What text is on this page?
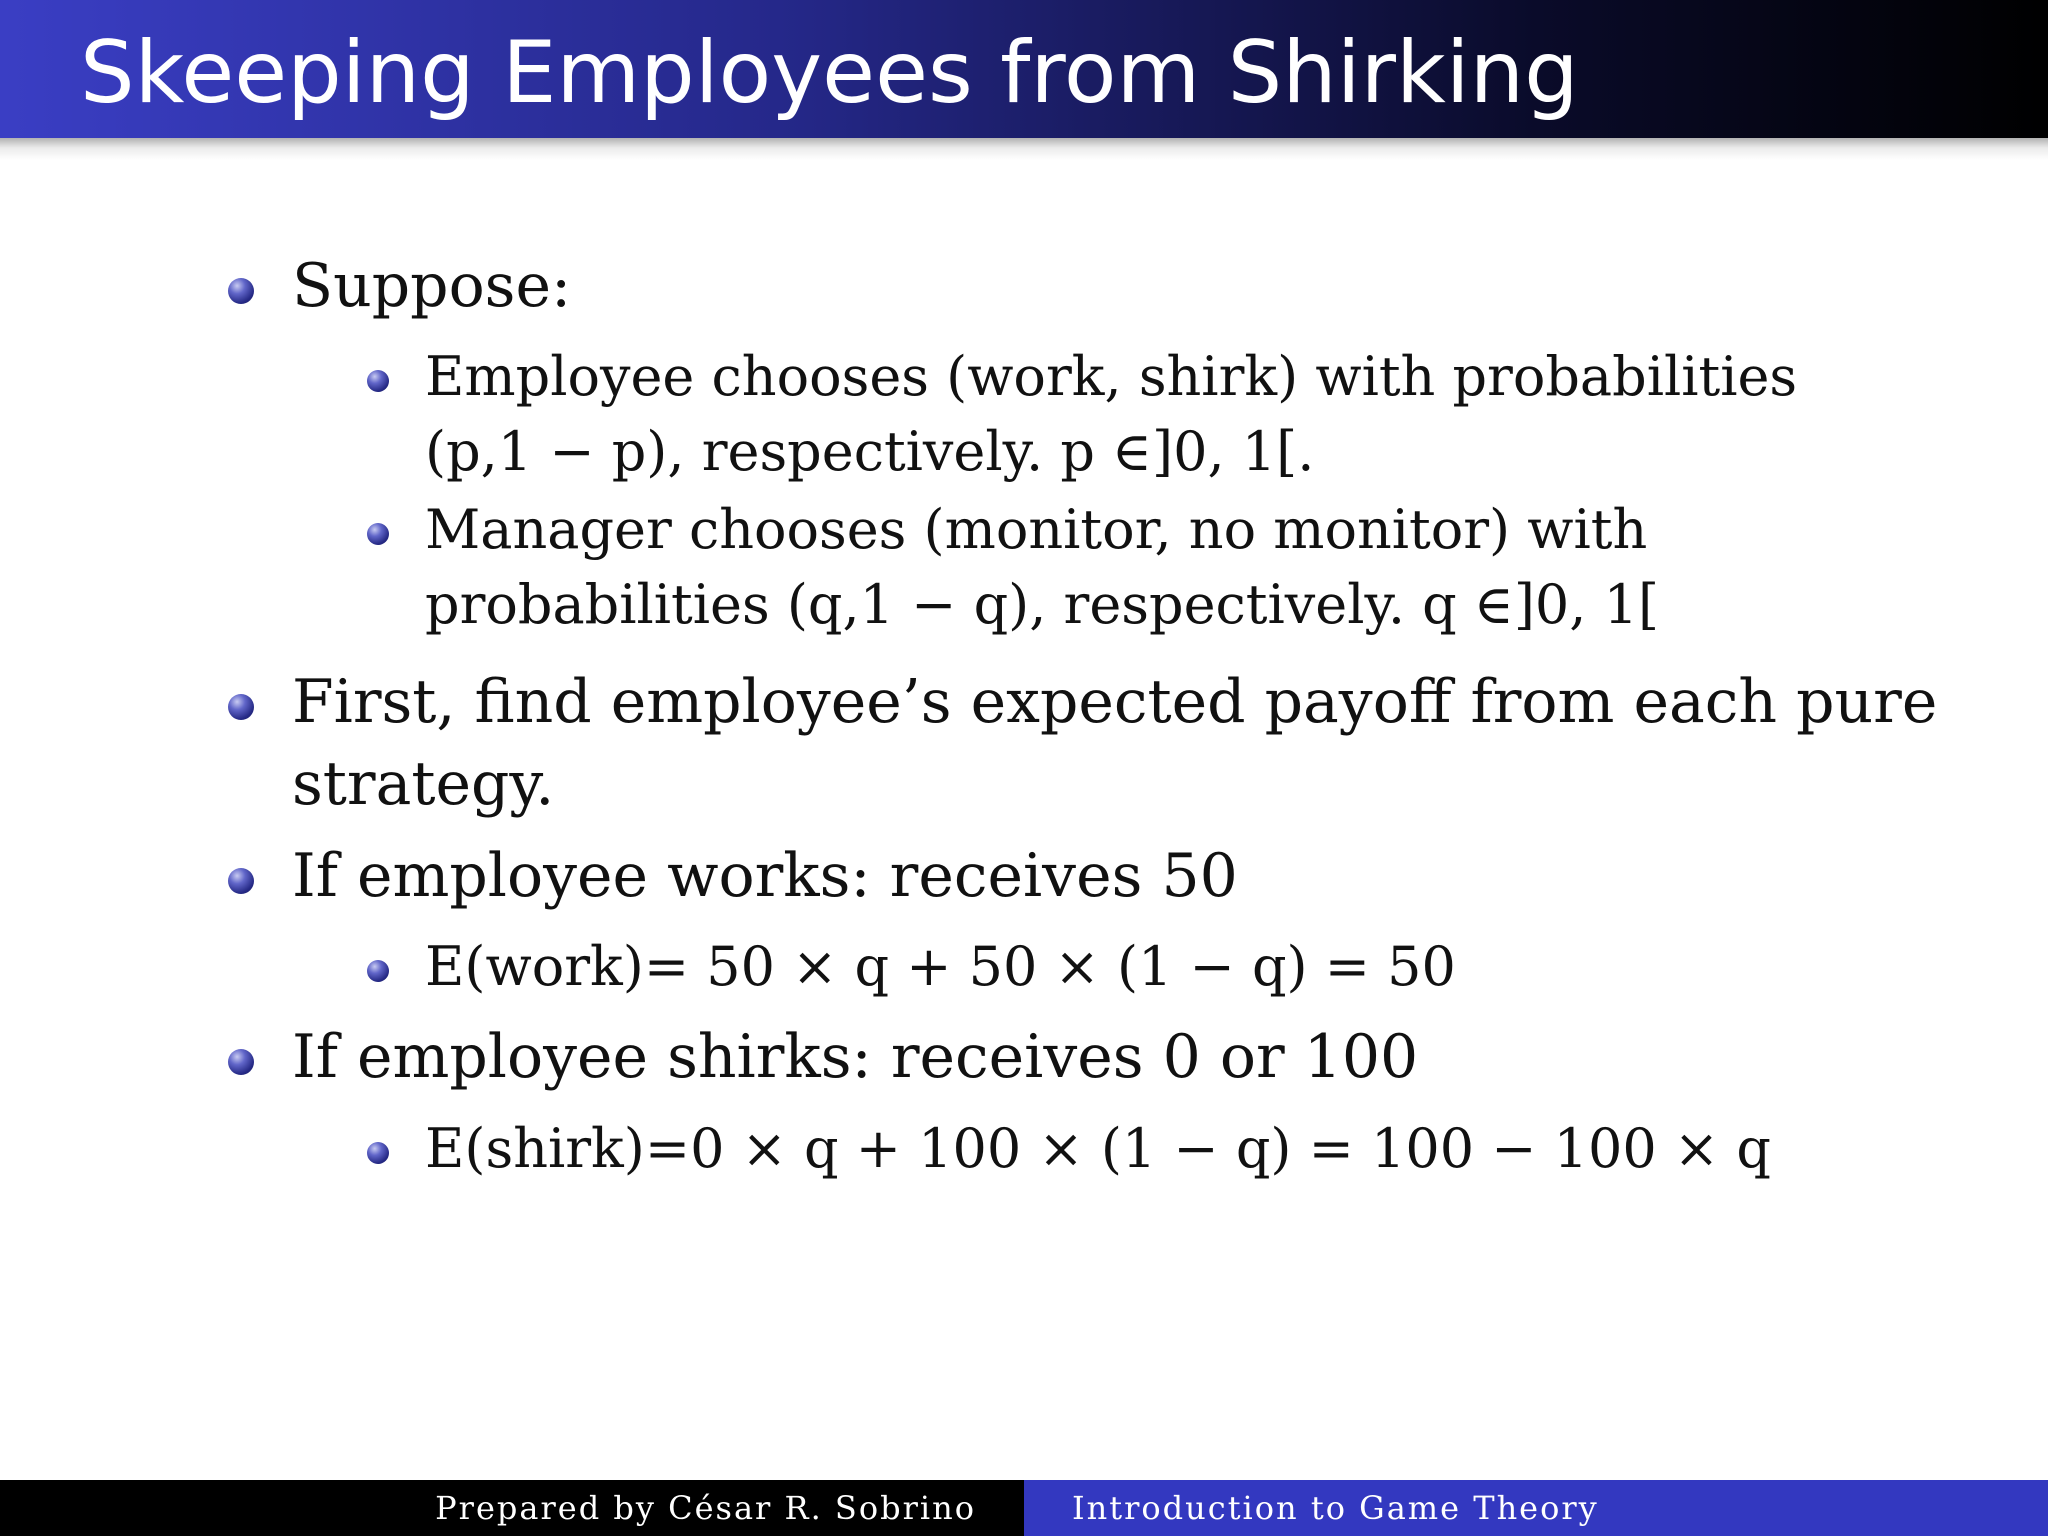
Skeeping Employees from Shirking

Suppose:

Employee chooses (work, shirk) with probabilities

(p,1 − p), respectively. p ∈]0, 1[.

Manager chooses (monitor, no monitor) with

probabilities (q,1 − q), respectively. q ∈]0, 1[

First, find employee’s expected payoff from each pure

strategy.

If employee works: receives 50

E(work)= 50 × q + 50 × (1 − q) = 50

If employee shirks: receives 0 or 100

E(shirk)=0 × q + 100 × (1 − q) = 100 − 100 × q

Prepared by César R. Sobrino	Introduction to Game Theory
